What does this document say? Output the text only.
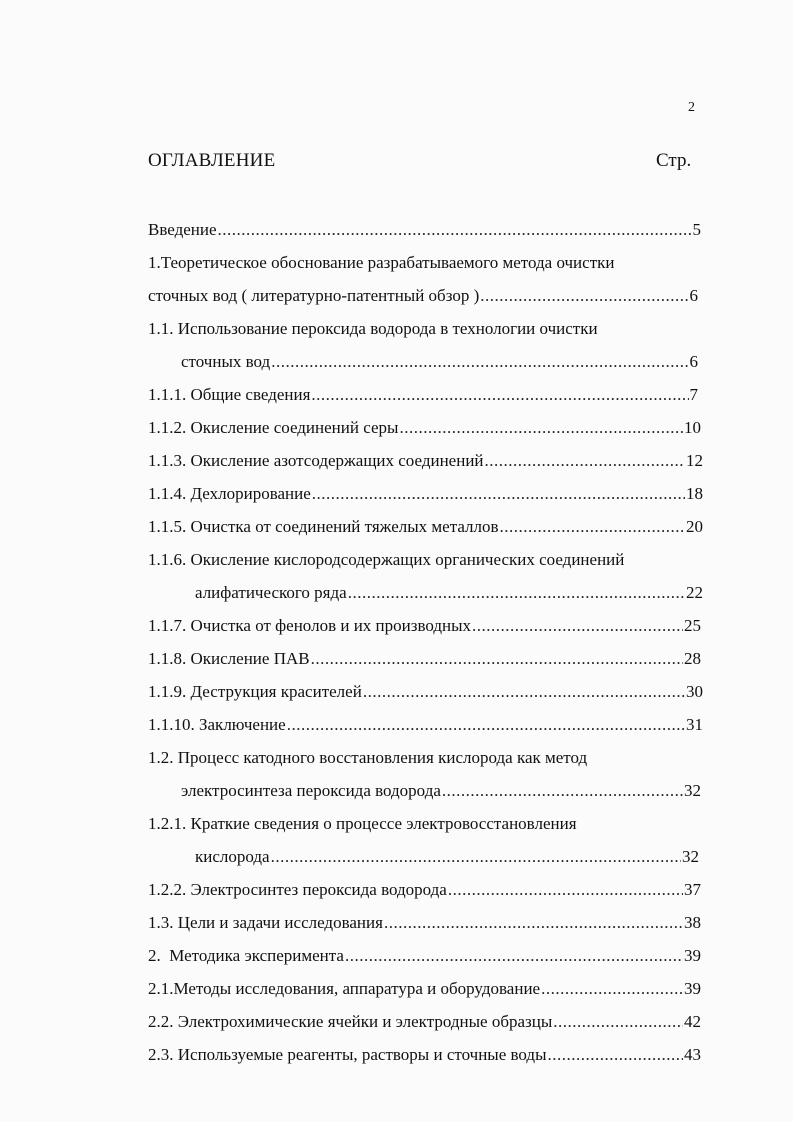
2
ОГЛАВЛЕНИЕ	Стр.
Введение .....	5
1.Теоретическое обоснование разрабатываемого метода очистки
сточных вод ( литературно-патентный обзор ) .....	6
1.1. Использование пероксида водорода в технологии очистки
сточных вод .....	6
1.1.1. Общие сведения .....	7
1.1.2. Окисление соединений серы .....	10
1.1.3. Окисление азотсодержащих соединений .....	12
1.1.4. Дехлорирование .....	18
1.1.5. Очистка от соединений тяжелых металлов .....	20
1.1.6. Окисление кислородсодержащих органических соединений
алифатического ряда .....	22
1.1.7. Очистка от фенолов и их производных .....	25
1.1.8. Окисление ПАВ .....	28
1.1.9. Деструкция красителей .....	30
1.1.10. Заключение .....	31
1.2. Процесс катодного восстановления кислорода как метод
электросинтеза пероксида водорода .....	32
1.2.1. Краткие сведения о процессе электровосстановления
кислорода .....	32
1.2.2. Электросинтез пероксида водорода .....	37
1.3. Цели и задачи исследования .....	38
2.  Методика эксперимента .....	39
2.1.Методы исследования, аппаратура и оборудование .....	39
2.2. Электрохимические ячейки и электродные образцы .....	42
2.3. Используемые реагенты, растворы и сточные воды .....	43
